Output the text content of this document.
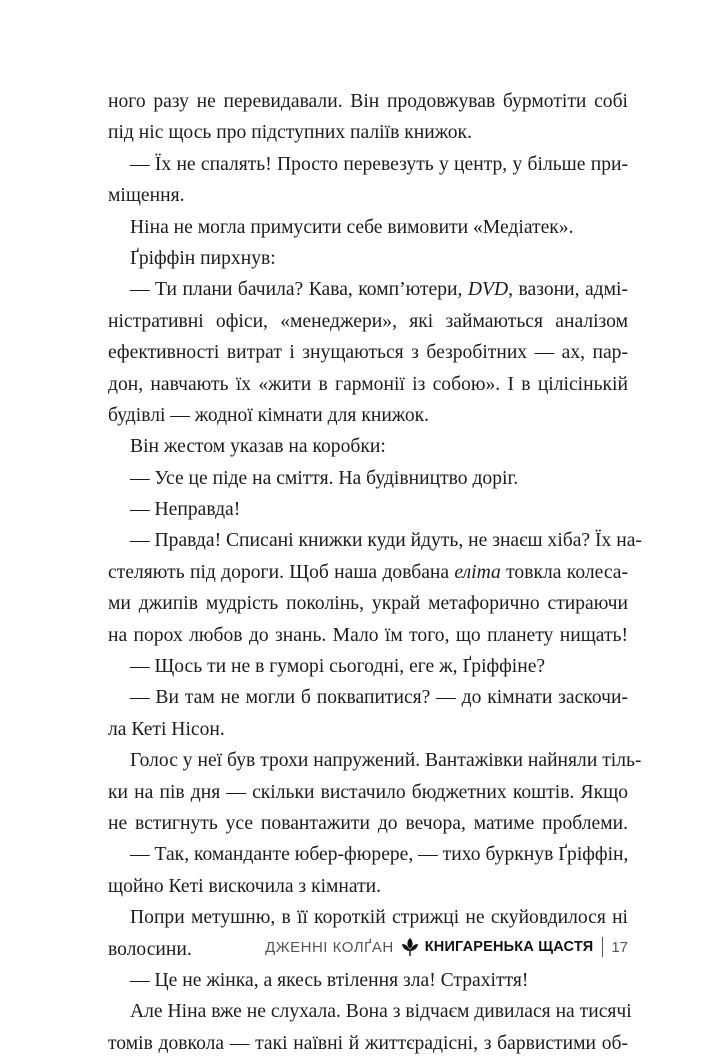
ного разу не перевидавали. Він продовжував бурмотіти собі
під ніс щось про підступних паліїв книжок.
— Їх не спалять! Просто перевезуть у центр, у більше при-
міщення.
Ніна не могла примусити себе вимовити «Медіатек».
Ґріффін пирхнув:
— Ти плани бачила? Кава, комп’ютери, DVD, вазони, адмі-
ністративні офіси, «менеджери», які займаються аналізом
ефективності витрат і знущаються з безробітних — ах, пар-
дон, навчають їх «жити в гармонії із собою». І в цілісінькій
будівлі — жодної кімнати для книжок.
Він жестом указав на коробки:
— Усе це піде на сміття. На будівництво доріг.
— Неправда!
— Правда! Списані книжки куди йдуть, не знаєш хіба? Їх на-
стеляють під дороги. Щоб наша довбана еліта товкла колеса-
ми джипів мудрість поколінь, украй метафорично стираючи
на порох любов до знань. Мало їм того, що планету нищать!
— Щось ти не в гуморі сьогодні, еге ж, Ґріффіне?
— Ви там не могли б поквапитися? — до кімнати заскочи-
ла Кеті Нісон.
Голос у неї був трохи напружений. Вантажівки найняли тіль-
ки на пів дня — скільки вистачило бюджетних коштів. Якщо
не встигнуть усе повантажити до вечора, матиме проблеми.
— Так, команданте юбер-фюрере, — тихо буркнув Ґріффін,
щойно Кеті вискочила з кімнати.
Попри метушню, в її короткій стрижці не скуйовдилося ні
волосини.
— Це не жінка, а якесь втілення зла! Страхіття!
Але Ніна вже не слухала. Вона з відчаєм дивилася на тисячі
томів довкола — такі наївні й життєрадісні, з барвистими об-
ДЖЕННІ КОЛҐАН КНИГАРЕНЬКА ЩАСТЯ 17
